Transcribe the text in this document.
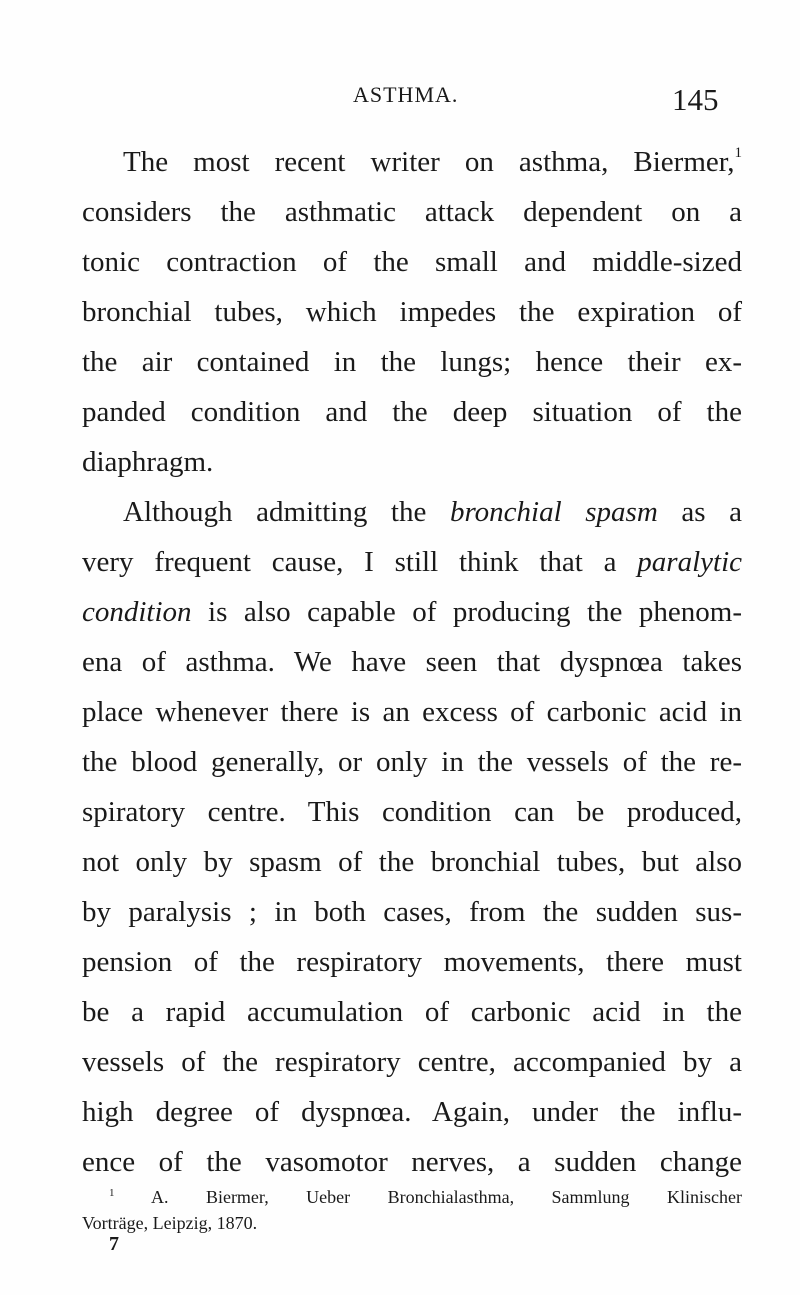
ASTHMA.	145
The most recent writer on asthma, Biermer,$^1$
considers the asthmatic attack dependent on a
tonic contraction of the small and middle-sized
bronchial tubes, which impedes the expiration of
the air contained in the lungs; hence their ex-
panded condition and the deep situation of the
diaphragm.
Although admitting the bronchial spasm as a
very frequent cause, I still think that a paralytic
condition is also capable of producing the phenom-
ena of asthma. We have seen that dyspnœa takes
place whenever there is an excess of carbonic acid in
the blood generally, or only in the vessels of the re-
spiratory centre. This condition can be produced,
not only by spasm of the bronchial tubes, but also
by paralysis ; in both cases, from the sudden sus-
pension of the respiratory movements, there must
be a rapid accumulation of carbonic acid in the
vessels of the respiratory centre, accompanied by a
high degree of dyspnœa. Again, under the influ-
ence of the vasomotor nerves, a sudden change
$^1$ A. Biermer, Ueber Bronchialasthma, Sammlung Klinischer
Vorträge, Leipzig, 1870.
7
